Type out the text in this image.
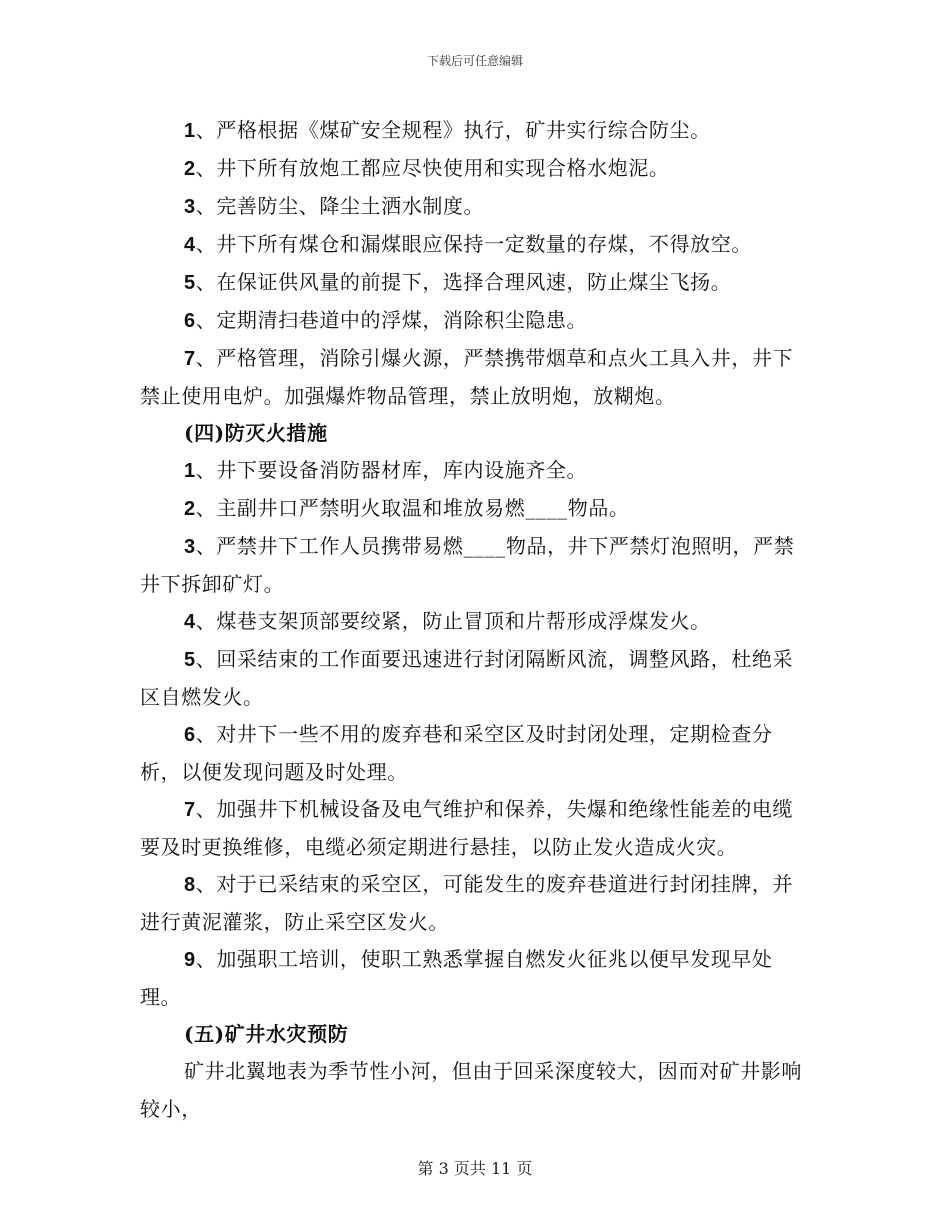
下载后可任意编辑

1、严格根据《煤矿安全规程》执行，矿井实行综合防尘。

2、井下所有放炮工都应尽快使用和实现合格水炮泥。

3、完善防尘、降尘土洒水制度。

4、井下所有煤仓和漏煤眼应保持一定数量的存煤，不得放空。

5、在保证供风量的前提下，选择合理风速，防止煤尘飞扬。

6、定期清扫巷道中的浮煤，消除积尘隐患。

7、严格管理，消除引爆火源，严禁携带烟草和点火工具入井，井下禁止使用电炉。加强爆炸物品管理，禁止放明炮，放糊炮。

(四)防灭火措施

1、井下要设备消防器材库，库内设施齐全。

2、主副井口严禁明火取温和堆放易燃____物品。

3、严禁井下工作人员携带易燃____物品，井下严禁灯泡照明，严禁井下拆卸矿灯。

4、煤巷支架顶部要绞紧，防止冒顶和片帮形成浮煤发火。

5、回采结束的工作面要迅速进行封闭隔断风流，调整风路，杜绝采区自燃发火。

6、对井下一些不用的废弃巷和采空区及时封闭处理，定期检查分析，以便发现问题及时处理。

7、加强井下机械设备及电气维护和保养，失爆和绝缘性能差的电缆要及时更换维修，电缆必须定期进行悬挂，以防止发火造成火灾。

8、对于已采结束的采空区，可能发生的废弃巷道进行封闭挂牌，并进行黄泥灌浆，防止采空区发火。

9、加强职工培训，使职工熟悉掌握自燃发火征兆以便早发现早处理。

(五)矿井水灾预防

矿井北翼地表为季节性小河，但由于回采深度较大，因而对矿井影响较小，

第 3 页共 11 页
